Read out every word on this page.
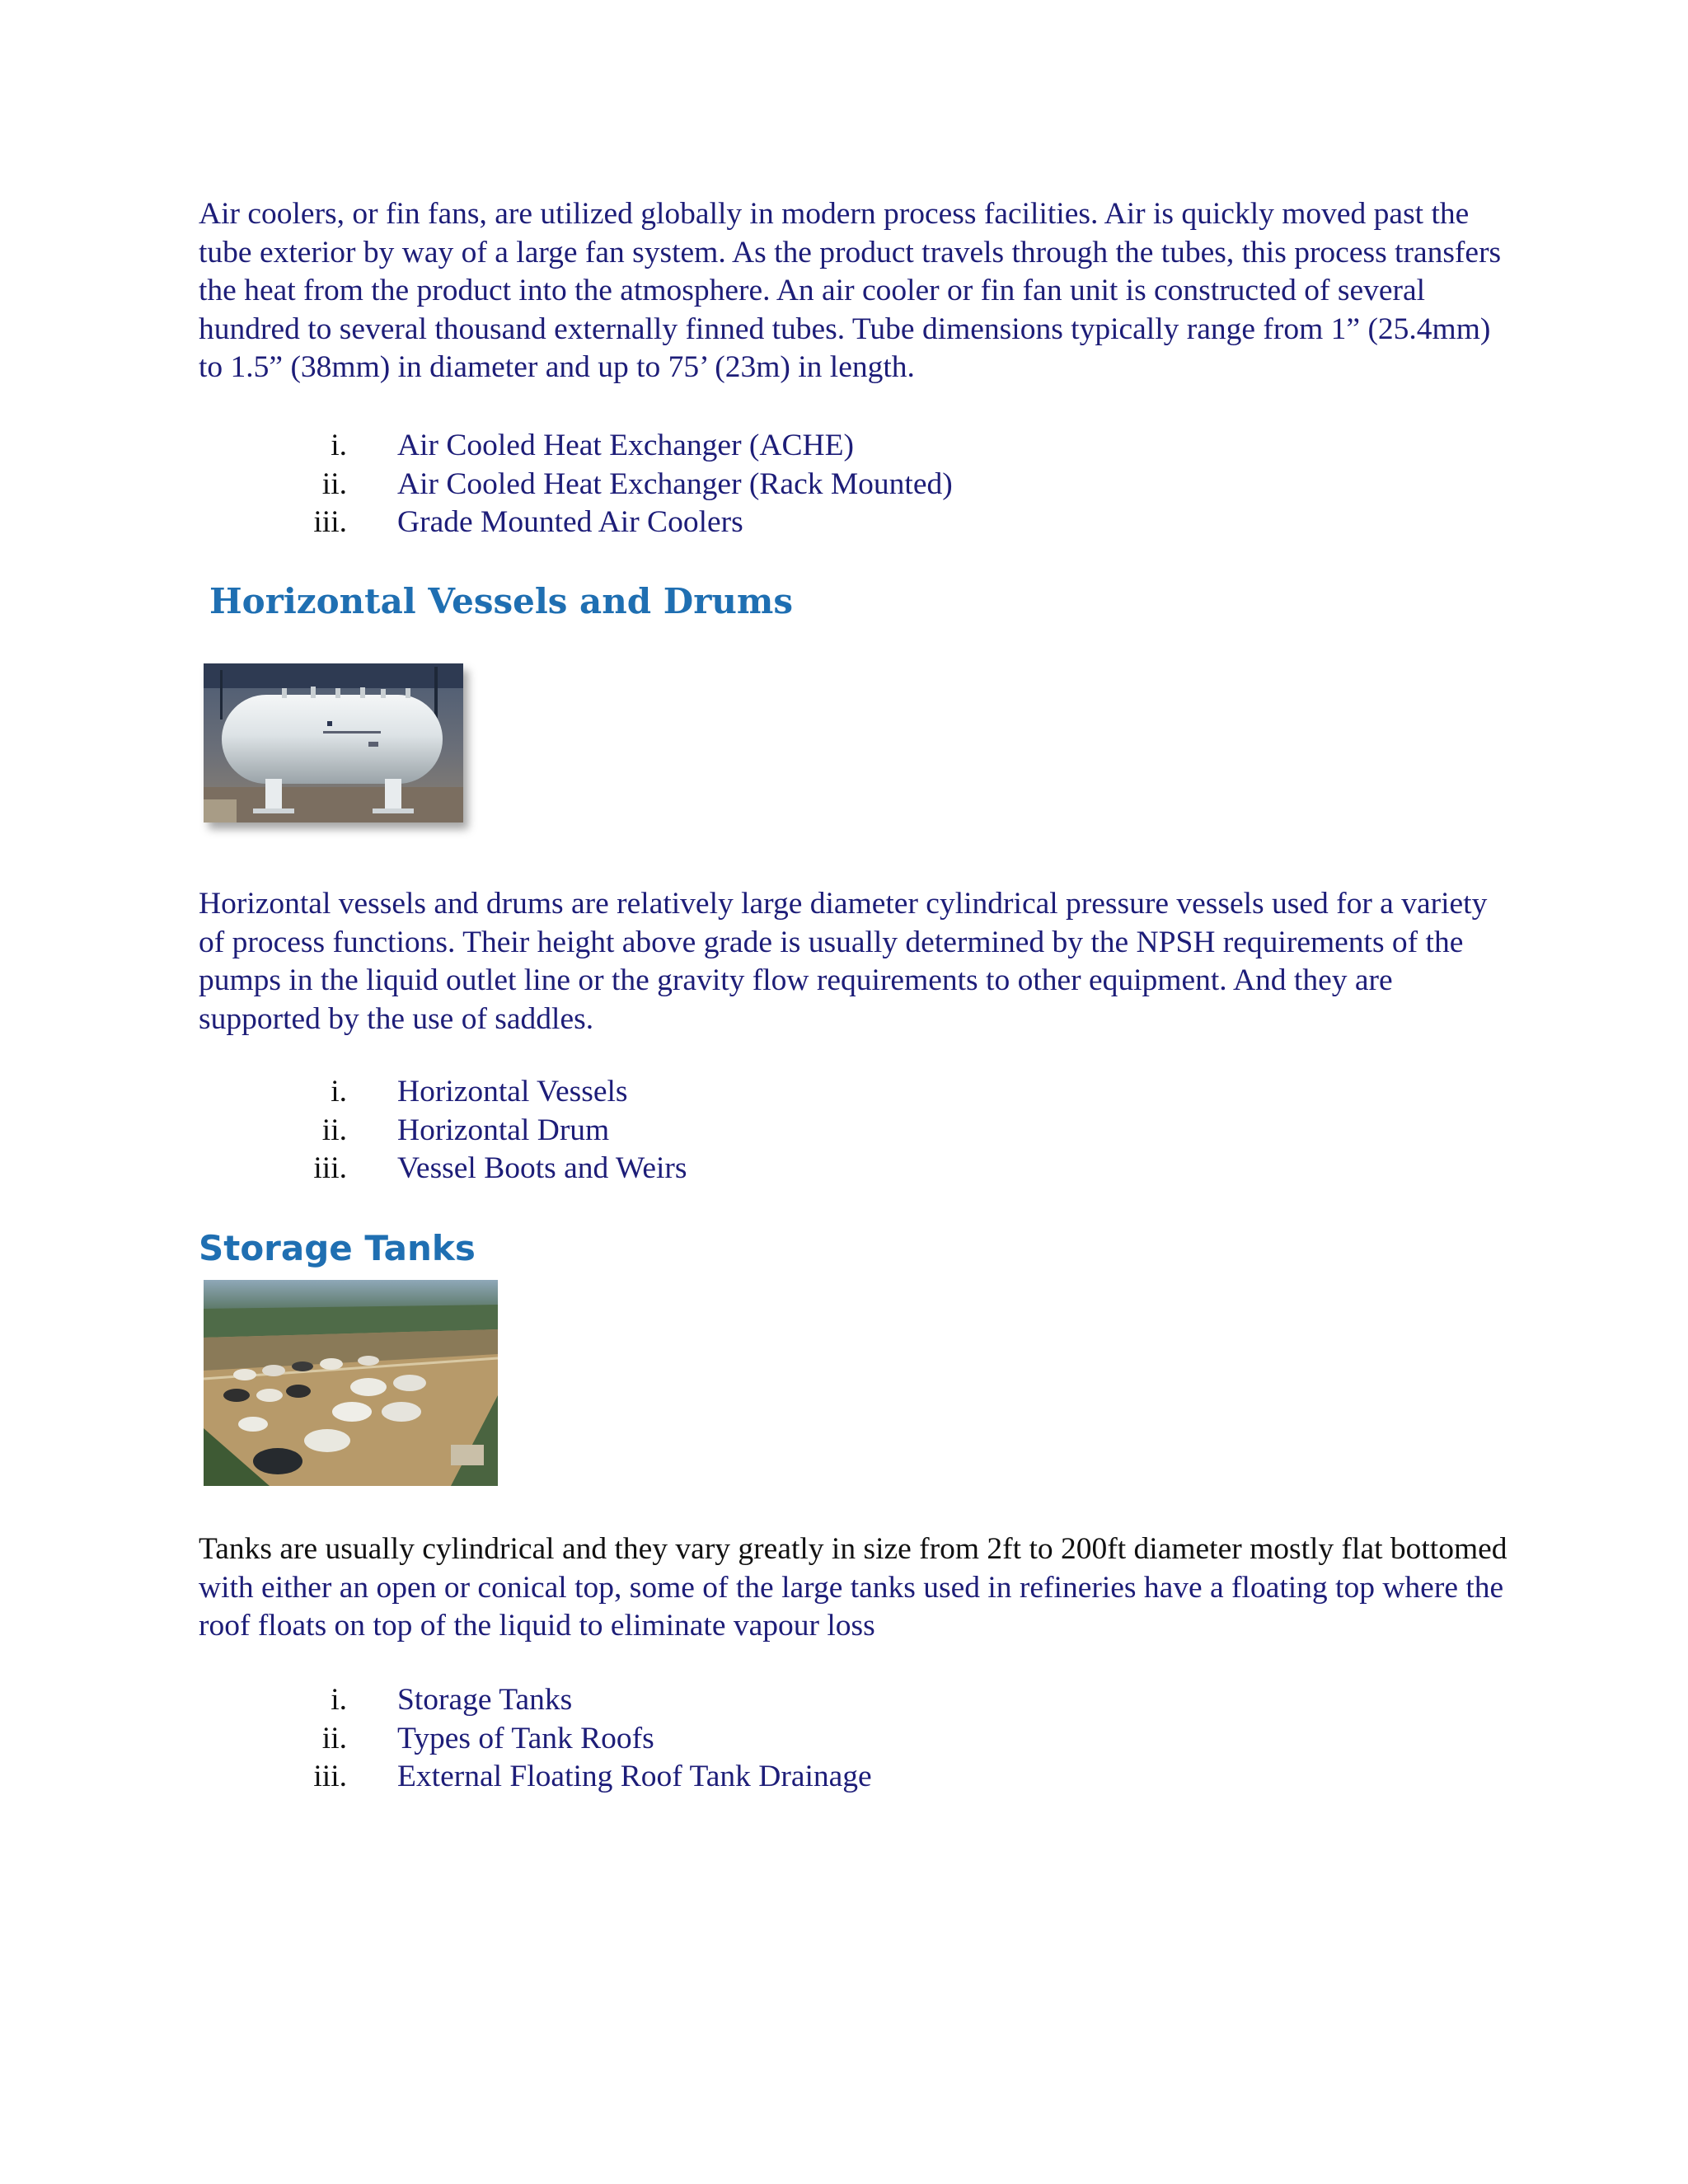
Air coolers, or fin fans, are utilized globally in modern process facilities. Air is quickly moved past the tube exterior by way of a large fan system. As the product travels through the tubes, this process transfers the heat from the product into the atmosphere. An air cooler or fin fan unit is constructed of several hundred to several thousand externally finned tubes. Tube dimensions typically range from 1” (25.4mm) to 1.5” (38mm) in diameter and up to 75’ (23m) in length.

i. Air Cooled Heat Exchanger (ACHE)
ii. Air Cooled Heat Exchanger (Rack Mounted)
iii. Grade Mounted Air Coolers
Horizontal Vessels and Drums

Horizontal vessels and drums are relatively large diameter cylindrical pressure vessels used for a variety of process functions. Their height above grade is usually determined by the NPSH requirements of the pumps in the liquid outlet line or the gravity flow requirements to other equipment. And they are supported by the use of saddles.

i. Horizontal Vessels
ii. Horizontal Drum
iii. Vessel Boots and Weirs
Storage Tanks

Tanks are usually cylindrical and they vary greatly in size from 2ft to 200ft diameter mostly flat bottomed with either an open or conical top, some of the large tanks used in refineries have a floating top where the roof floats on top of the liquid to eliminate vapour loss

i. Storage Tanks
ii. Types of Tank Roofs
iii. External Floating Roof Tank Drainage
